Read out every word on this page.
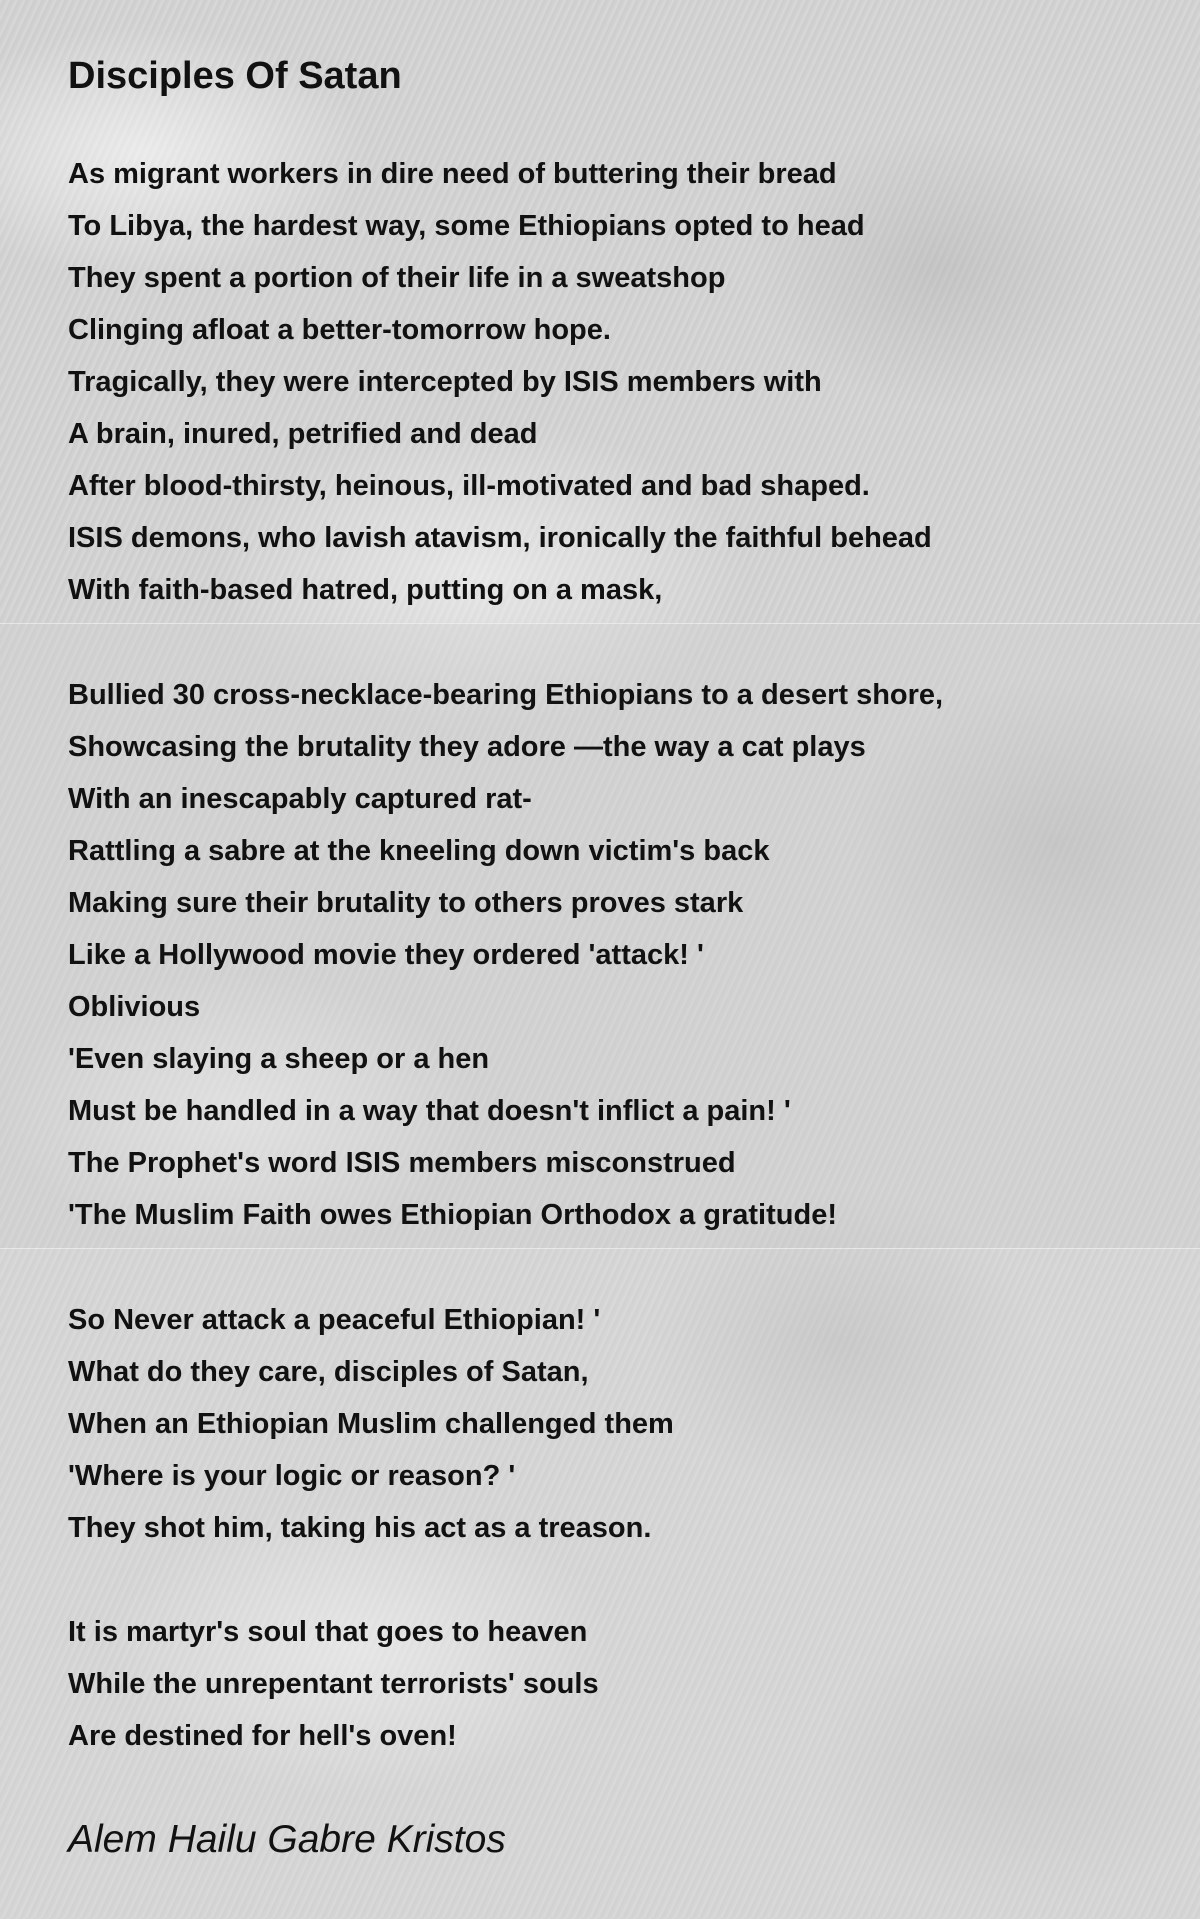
Disciples Of Satan
As migrant workers in dire need of buttering their bread
To Libya, the hardest way, some Ethiopians opted to head
They spent a portion of their life in a sweatshop
Clinging afloat a better-tomorrow hope.
Tragically, they were intercepted by ISIS members with
A brain, inured, petrified and dead
After blood-thirsty, heinous, ill-motivated and bad shaped.
ISIS demons, who lavish atavism, ironically the faithful behead
With faith-based hatred, putting on a mask,
Bullied 30 cross-necklace-bearing Ethiopians to a desert shore,
Showcasing the brutality they adore —the way a cat plays
With an inescapably captured rat-
Rattling a sabre at the kneeling down victim's back
Making sure their brutality to others proves stark
Like a Hollywood movie they ordered 'attack! '
Oblivious
'Even slaying a sheep or a hen
Must be handled in a way that doesn't inflict a pain! '
The Prophet's word ISIS members misconstrued
'The Muslim Faith owes Ethiopian Orthodox a gratitude!
So Never attack a peaceful Ethiopian! '
What do they care, disciples of Satan,
When an Ethiopian Muslim challenged them
'Where is your logic or reason? '
They shot him, taking his act as a treason.
It is martyr's soul that goes to heaven
While the unrepentant terrorists' souls
Are destined for hell's oven!
Alem Hailu Gabre Kristos
